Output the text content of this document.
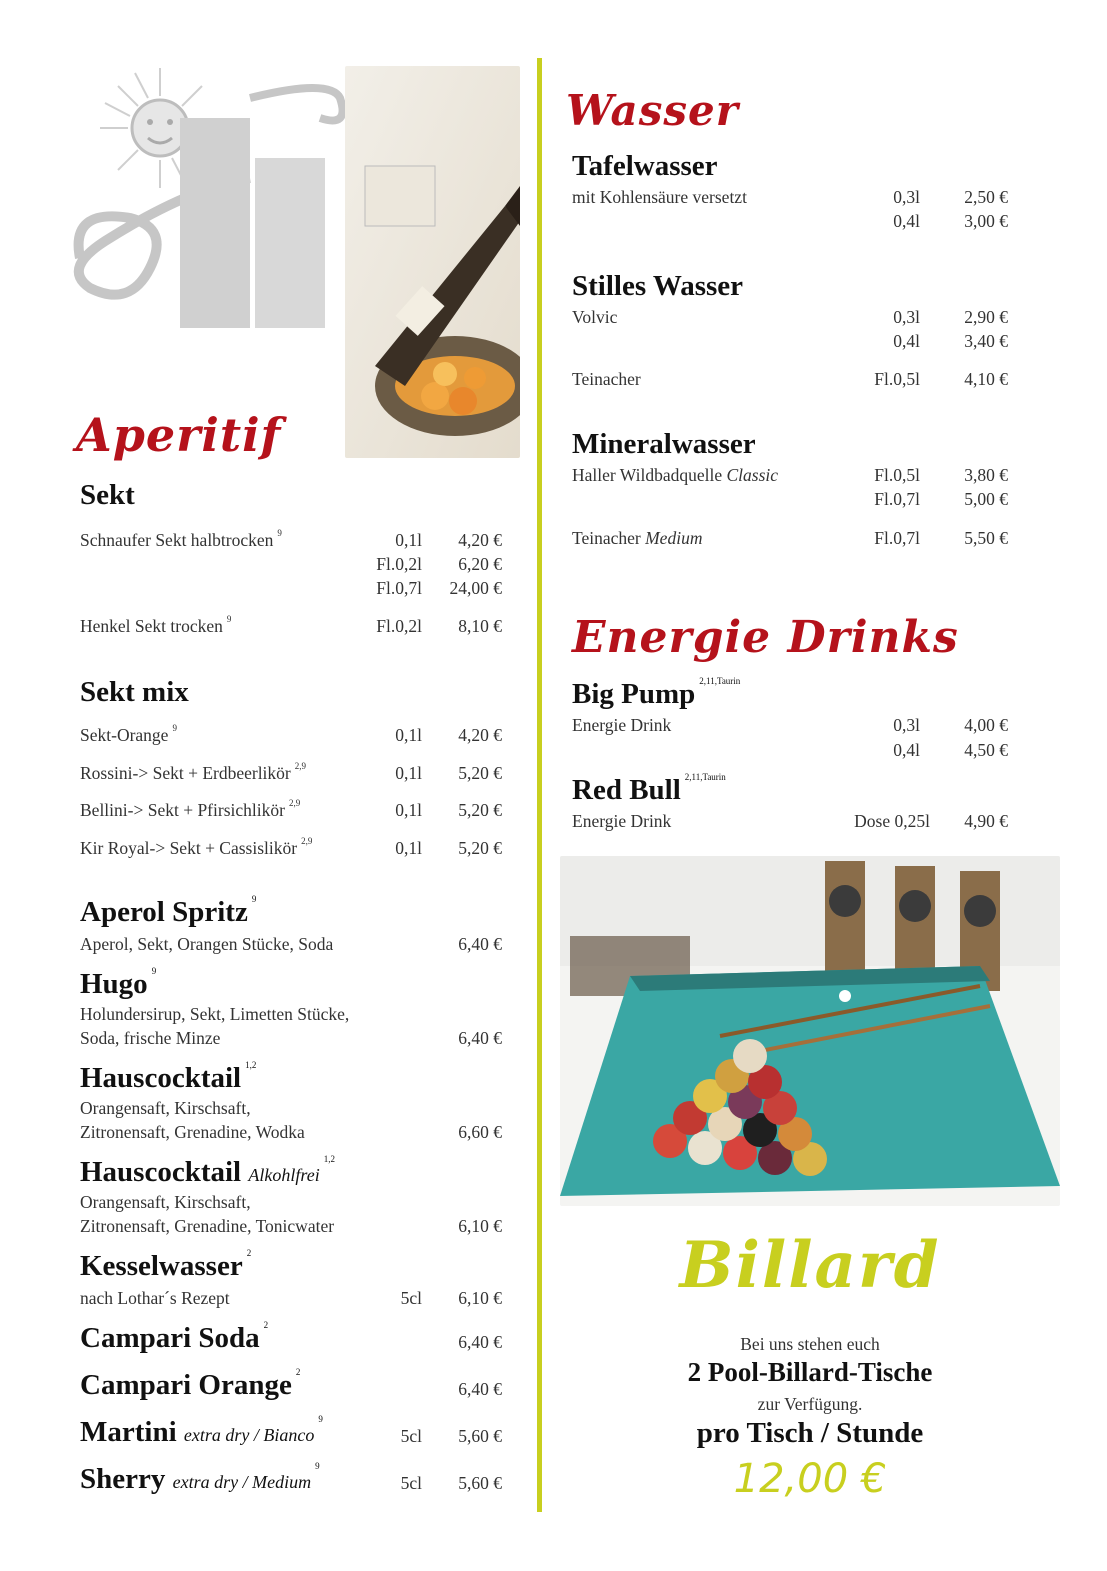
Aperitif
Sekt
Schnaufer Sekt halbtrocken $^9$	0,1l	4,20 €
Fl.0,2l	6,20 €
Fl.0,7l	24,00 €
Henkel Sekt trocken $^9$	Fl.0,2l	8,10 €
Sekt mix
Sekt-Orange $^9$	0,1l	4,20 €
Rossini-> Sekt + Erdbeerlikör $^{2,9}$	0,1l	5,20 €
Bellini-> Sekt + Pfirsichlikör $^{2,9}$	0,1l	5,20 €
Kir Royal-> Sekt + Cassislikör $^{2,9}$	0,1l	5,20 €
Aperol Spritz $^9$
Aperol, Sekt, Orangen Stücke, Soda	6,40 €
Hugo $^9$
Holundersirup, Sekt, Limetten Stücke,
Soda, frische Minze	6,40 €
Hauscocktail $^{1,2}$
Orangensaft, Kirschsaft,
Zitronensaft, Grenadine, Wodka	6,60 €
Hauscocktail Alkohlfrei$^{1,2}$
Orangensaft, Kirschsaft,
Zitronensaft, Grenadine, Tonicwater	6,10 €
Kesselwasser $^2$
nach Lothar´s Rezept	5cl	6,10 €
Campari Soda $^2$
6,40 €
Campari Orange $^2$
6,40 €
Martini extra dry / Bianco$^9$
5cl	5,60 €
Sherry extra dry / Medium$^9$
5cl	5,60 €
Wasser
Tafelwasser
mit Kohlensäure versetzt	0,3l	2,50 €
0,4l	3,00 €
Stilles Wasser
Volvic	0,3l	2,90 €
0,4l	3,40 €
Teinacher	Fl.0,5l	4,10 €
Mineralwasser
Haller Wildbadquelle Classic	Fl.0,5l	3,80 €
Fl.0,7l	5,00 €
Teinacher Medium	Fl.0,7l	5,50 €
Energie Drinks
Big Pump $^{2,11,Taurin}$
Energie Drink	0,3l	4,00 €
0,4l	4,50 €
Red Bull $^{2,11,Taurin}$
Energie Drink	Dose 0,25l	4,90 €
Billard
Bei uns stehen euch
2 Pool-Billard-Tische
zur Verfügung.
pro Tisch / Stunde
12,00 €
